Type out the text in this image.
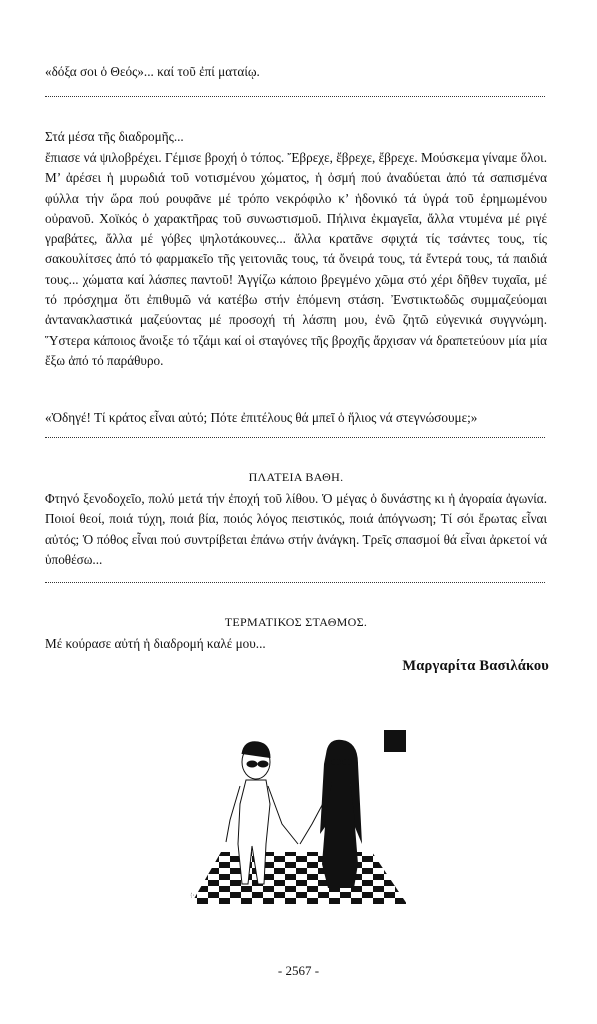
«δόξα σοι ὁ Θεός»... καί τοῦ ἐπί ματαίῳ.

Στά μέσα τῆς διαδρομῆς...

ἔπιασε νά ψιλοβρέχει. Γέμισε βροχή ὁ τόπος. Ἔβρεχε, ἔβρεχε, ἔβρεχε. Μούσκεμα γίναμε ὅλοι. Μ’ ἀρέσει ἡ μυρωδιά τοῦ νοτισμένου χώματος, ἡ ὀσμή πού ἀναδύεται ἀπό τά σαπισμένα φύλλα τήν ὥρα πού ρουφᾶνε μέ τρόπο νεκρόφιλο κ’ ἡδονικό τά ὑγρά τοῦ ἐρημωμένου οὐρανοῦ. Χοϊκός ὁ χαρακτῆρας τοῦ συνωστισμοῦ. Πήλινα ἐκμαγεῖα, ἄλλα ντυμένα μέ ριγέ γραβάτες, ἄλλα μέ γόβες ψηλοτάκουνες... ἄλλα κρατᾶνε σφιχτά τίς τσάντες τους, τίς σακουλίτσες ἀπό τό φαρμακεῖο τῆς γειτονιᾶς τους, τά ὄνειρά τους, τά ἔντερά τους, τά παιδιά τους... χώματα καί λάσπες παντοῦ! Ἀγγίζω κάποιο βρεγμένο χῶμα στό χέρι δῆθεν τυχαῖα, μέ τό πρόσχημα ὅτι ἐπιθυμῶ νά κατέβω στήν ἑπόμενη στάση. Ἐνστικτωδῶς συμμαζεύομαι ἀντανακλαστικά μαζεύοντας μέ προσοχή τή λάσπη μου, ἐνῶ ζητῶ εὐγενικά συγγνώμη. Ὕστερα κάποιος ἄνοιξε τό τζάμι καί οἱ σταγόνες τῆς βροχῆς ἄρχισαν νά δραπετεύουν μία μία ἔξω ἀπό τό παράθυρο.

«Ὀδηγέ! Τί κράτος εἶναι αὐτό; Πότε ἐπιτέλους θά μπεῖ ὁ ἥλιος νά στεγνώσουμε;»

ΠΛΑΤΕΙΑ ΒΑΘΗ.

Φτηνό ξενοδοχεῖο, πολύ μετά τήν ἐποχή τοῦ λίθου. Ὁ μέγας ὁ δυνάστης κι ἡ ἀγοραία ἀγωνία. Ποιοί θεοί, ποιά τύχη, ποιά βία, ποιός λόγος πειστικός, ποιά ἀπόγνωση; Τί σόι ἔρωτας εἶναι αὐτός; Ὁ πόθος εἶναι πού συντρίβεται ἐπάνω στήν ἀνάγκη. Τρεῖς σπασμοί θά εἶναι ἀρκετοί νά ὑποθέσω...

ΤΕΡΜΑΤΙΚΟΣ ΣΤΑΘΜΟΣ.

Μέ κούρασε αὐτή ἡ διαδρομή καλέ μου...

Μαργαρίτα Βασιλάκου
·:·
- 2567 -
